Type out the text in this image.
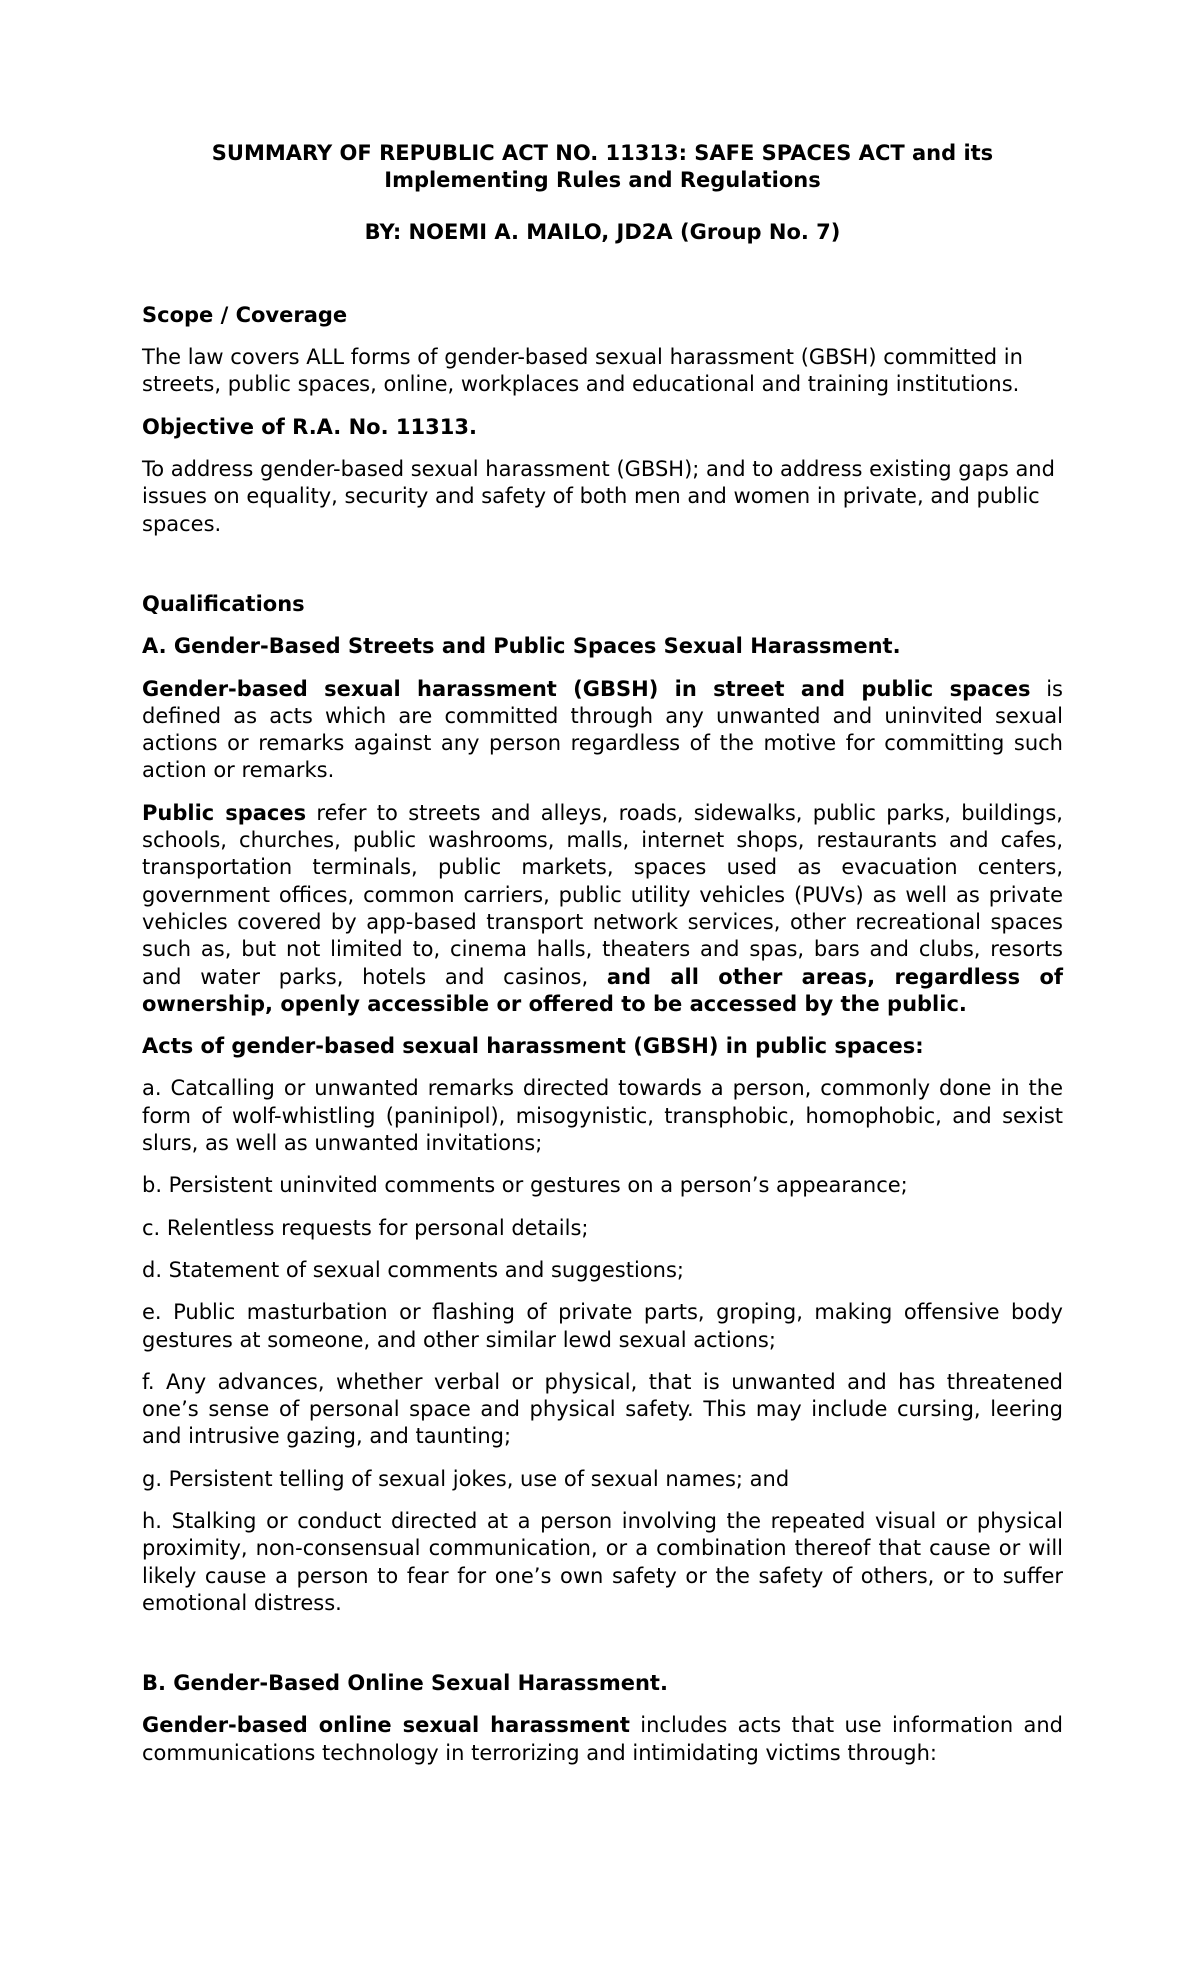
SUMMARY OF REPUBLIC ACT NO. 11313: SAFE SPACES ACT and its

Implementing Rules and Regulations

BY: NOEMI A. MAILO, JD2A (Group No. 7)

Scope / Coverage

The law covers ALL forms of gender-based sexual harassment (GBSH) committed in streets, public spaces, online, workplaces and educational and training institutions.

Objective of R.A. No. 11313.

To address gender-based sexual harassment (GBSH); and to address existing gaps and issues on equality, security and safety of both men and women in private, and public spaces.

Qualifications

A. Gender-Based Streets and Public Spaces Sexual Harassment.

Gender-based sexual harassment (GBSH) in street and public spaces is defined as acts which are committed through any unwanted and uninvited sexual actions or remarks against any person regardless of the motive for committing such action or remarks.

Public spaces refer to streets and alleys, roads, sidewalks, public parks, buildings, schools, churches, public washrooms, malls, internet shops, restaurants and cafes, transportation terminals, public markets, spaces used as evacuation centers, government offices, common carriers, public utility vehicles (PUVs) as well as private vehicles covered by app-based transport network services, other recreational spaces such as, but not limited to, cinema halls, theaters and spas, bars and clubs, resorts and water parks, hotels and casinos, and all other areas, regardless of ownership, openly accessible or offered to be accessed by the public.

Acts of gender-based sexual harassment (GBSH) in public spaces:

a. Catcalling or unwanted remarks directed towards a person, commonly done in the form of wolf-whistling (paninipol), misogynistic, transphobic, homophobic, and sexist slurs, as well as unwanted invitations;

b. Persistent uninvited comments or gestures on a person’s appearance;

c. Relentless requests for personal details;

d. Statement of sexual comments and suggestions;

e. Public masturbation or flashing of private parts, groping, making offensive body gestures at someone, and other similar lewd sexual actions;

f. Any advances, whether verbal or physical, that is unwanted and has threatened one’s sense of personal space and physical safety. This may include cursing, leering and intrusive gazing, and taunting;

g. Persistent telling of sexual jokes, use of sexual names; and

h. Stalking or conduct directed at a person involving the repeated visual or physical proximity, non-consensual communication, or a combination thereof that cause or will likely cause a person to fear for one’s own safety or the safety of others, or to suffer emotional distress.

B. Gender-Based Online Sexual Harassment.

Gender-based online sexual harassment includes acts that use information and communications technology in terrorizing and intimidating victims through:
